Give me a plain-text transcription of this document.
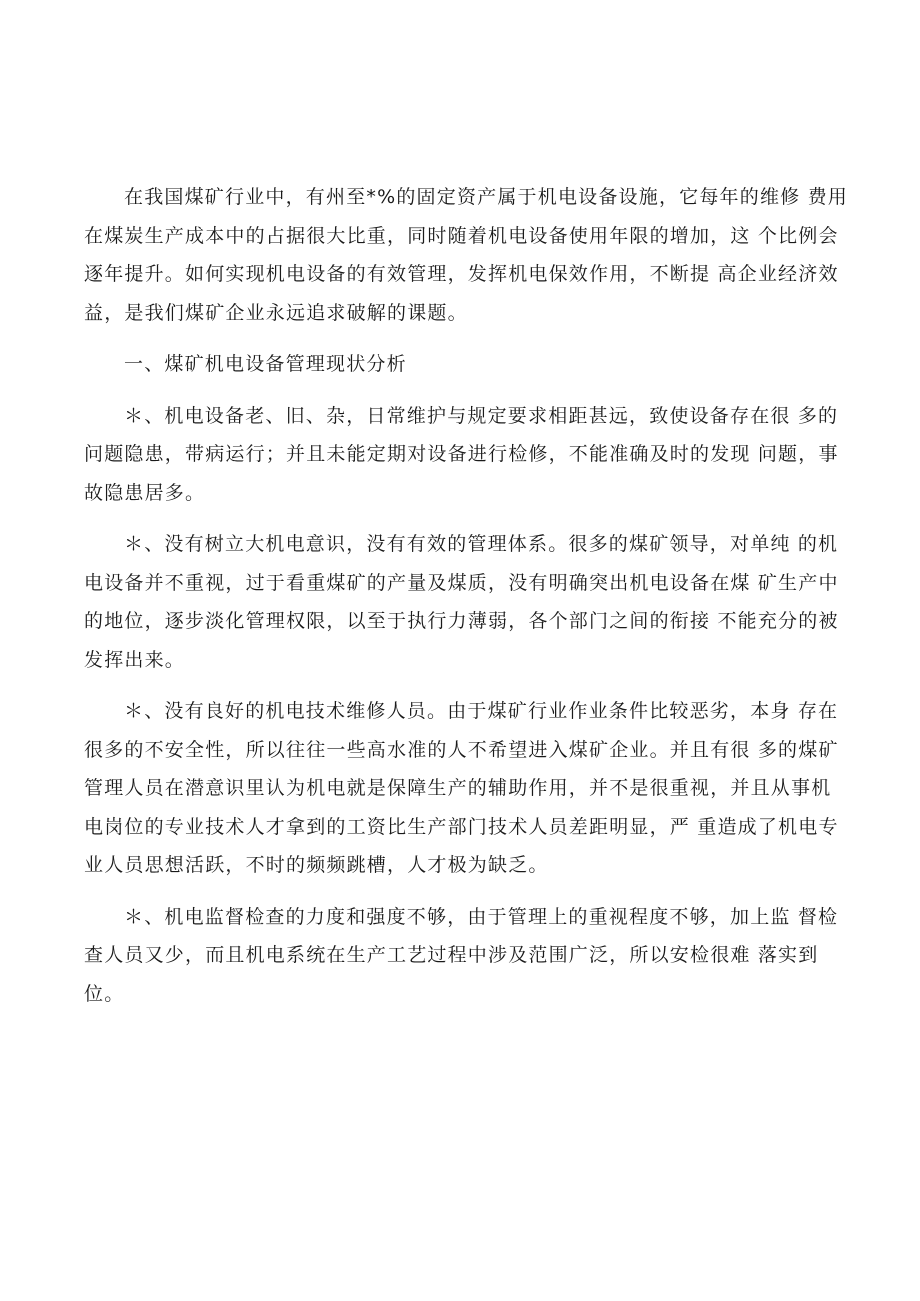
在我国煤矿行业中，有州至*%的固定资产属于机电设备设施，它每年的维修 费用
在煤炭生产成本中的占据很大比重，同时随着机电设备使用年限的增加，这 个比例会
逐年提升。如何实现机电设备的有效管理，发挥机电保效作用，不断提 高企业经济效
益，是我们煤矿企业永远追求破解的课题。

一、煤矿机电设备管理现状分析

＊、机电设备老、旧、杂，日常维护与规定要求相距甚远，致使设备存在很 多的
问题隐患，带病运行；并且未能定期对设备进行检修，不能准确及时的发现 问题，事
故隐患居多。

＊、没有树立大机电意识，没有有效的管理体系。很多的煤矿领导，对单纯 的机
电设备并不重视，过于看重煤矿的产量及煤质，没有明确突出机电设备在煤 矿生产中
的地位，逐步淡化管理权限，以至于执行力薄弱，各个部门之间的衔接 不能充分的被
发挥出来。

＊、没有良好的机电技术维修人员。由于煤矿行业作业条件比较恶劣，本身 存在
很多的不安全性，所以往往一些高水准的人不希望进入煤矿企业。并且有很 多的煤矿
管理人员在潜意识里认为机电就是保障生产的辅助作用，并不是很重视，并且从事机
电岗位的专业技术人才拿到的工资比生产部门技术人员差距明显，严 重造成了机电专
业人员思想活跃，不时的频频跳槽，人才极为缺乏。

＊、机电监督检查的力度和强度不够，由于管理上的重视程度不够，加上监 督检
查人员又少，而且机电系统在生产工艺过程中涉及范围广泛，所以安检很难 落实到
位。
